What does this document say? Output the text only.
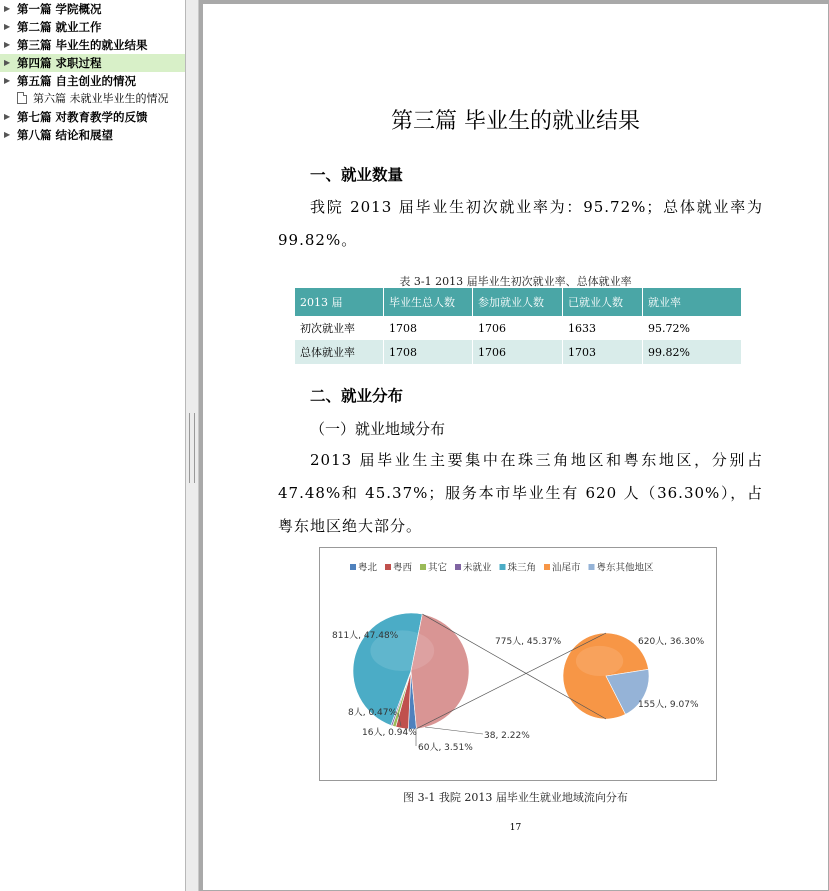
▶ 第一篇 学院概况
▶ 第二篇 就业工作
▶ 第三篇 毕业生的就业结果
▶ 第四篇 求职过程
▶ 第五篇 自主创业的情况
第六篇 未就业毕业生的情况
▶ 第七篇 对教育教学的反馈
▶ 第八篇 结论和展望
第三篇 毕业生的就业结果
一、就业数量
我院 2013 届毕业生初次就业率为：95.72%；总体就业率为 99.82%。
表 3-1 2013 届毕业生初次就业率、总体就业率
2013 届	毕业生总人数	参加就业人数	已就业人数	就业率
初次就业率	1708	1706	1633	95.72%
总体就业率	1708	1706	1703	99.82%
二、就业分布
（一）就业地域分布
2013 届毕业生主要集中在珠三角地区和粤东地区，分别占 47.48%和 45.37%；服务本市毕业生有 620 人（36.30%），占粤东地区绝大部分。
粤北 粤西 其它 未就业 珠三角 汕尾市 粤东其他地区
38, 2.22%
60人, 3.51%
16人, 0.94%
8人, 0.47%
811人, 47.48%
775人, 45.37%	620人, 36.30%
155人, 9.07%
图 3-1 我院 2013 届毕业生就业地域流向分布
17
